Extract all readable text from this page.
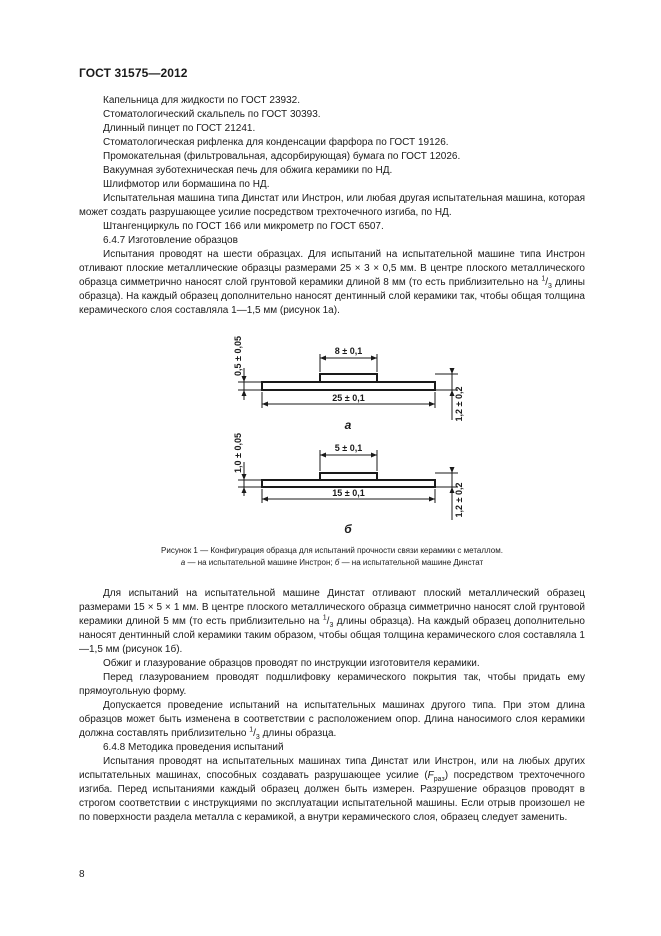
ГОСТ 31575—2012

Капельница для жидкости по ГОСТ 23932.

Стоматологический скальпель по ГОСТ 30393.

Длинный пинцет по ГОСТ 21241.

Стоматологическая рифленка для конденсации фарфора по ГОСТ 19126.

Промокательная (фильтровальная, адсорбирующая) бумага по ГОСТ 12026.

Вакуумная зуботехническая печь для обжига керамики по НД.

Шлифмотор или бормашина по НД.

Испытательная машина типа Динстат или Инстрон, или любая другая испытательная машина, которая может создать разрушающее усилие посредством трехточечного изгиба, по НД.

Штангенциркуль по ГОСТ 166 или микрометр по ГОСТ 6507.

6.4.7 Изготовление образцов

Испытания проводят на шести образцах. Для испытаний на испытательной машине типа Инстрон отливают плоские металлические образцы размерами 25 × 3 × 0,5 мм. В центре плоского металлического образца симметрично наносят слой грунтовой керамики длиной 8 мм (то есть приблизительно на $^1/_3$ длины образца). На каждый образец дополнительно наносят дентинный слой керамики так, чтобы общая толщина керамического слоя составляла 1—1,5 мм (рисунок 1а).

8 ± 0,1
25 ± 0,1
0,5 ± 0,05
1,2 ± 0,2
5 ± 0,1
15 ± 0,1
1,0 ± 0,05
1,2 ± 0,2
а
б

Рисунок 1 — Конфигурация образца для испытаний прочности связи керамики с металлом.

а — на испытательной машине Инстрон; б — на испытательной машине Динстат

Для испытаний на испытательной машине Динстат отливают плоский металлический образец размерами 15 × 5 × 1 мм. В центре плоского металлического образца симметрично наносят слой грунтовой керамики длиной 5 мм (то есть приблизительно на $^1/_3$ длины образца). На каждый образец дополнительно наносят дентинный слой керамики таким образом, чтобы общая толщина керамического слоя составляла 1—1,5 мм (рисунок 1б).

Обжиг и глазурование образцов проводят по инструкции изготовителя керамики.

Перед глазурованием проводят подшлифовку керамического покрытия так, чтобы придать ему прямоугольную форму.

Допускается проведение испытаний на испытательных машинах другого типа. При этом длина образцов может быть изменена в соответствии с расположением опор. Длина наносимого слоя керамики должна составлять приблизительно $^1/_3$ длины образца.

6.4.8 Методика проведения испытаний

Испытания проводят на испытательных машинах типа Динстат или Инстрон, или на любых других испытательных машинах, способных создавать разрушающее усилие $(F_{раз})$ посредством трехточечного изгиба. Перед испытаниями каждый образец должен быть измерен. Разрушение образцов проводят в строгом соответствии с инструкциями по эксплуатации испытательной машины. Если отрыв произошел не по поверхности раздела металла с керамикой, а внутри керамического слоя, образец следует заменить.

8
